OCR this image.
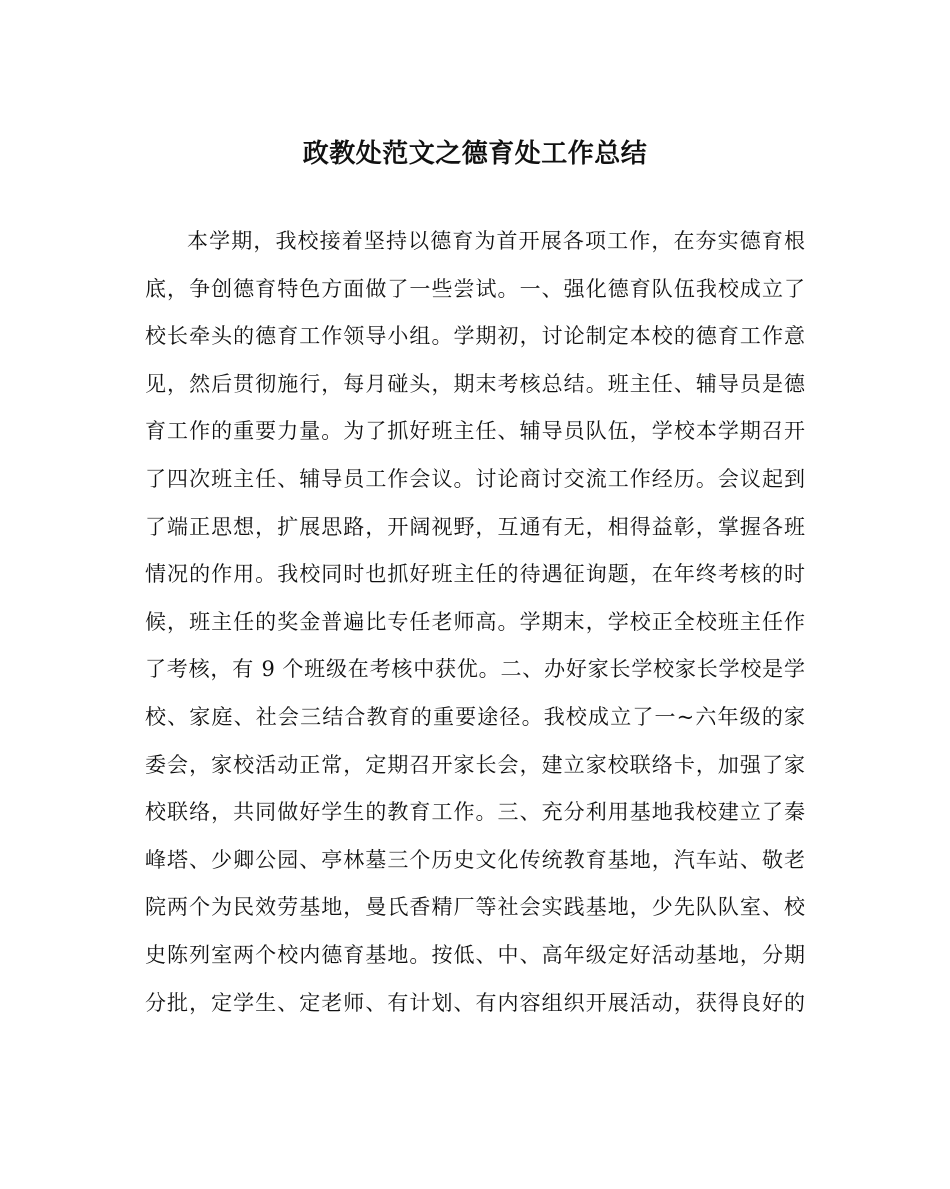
政教处范文之德育处工作总结
本学期，我校接着坚持以德育为首开展各项工作，在夯实德育根
底，争创德育特色方面做了一些尝试。一、强化德育队伍我校成立了
校长牵头的德育工作领导小组。学期初，讨论制定本校的德育工作意
见，然后贯彻施行，每月碰头，期末考核总结。班主任、辅导员是德
育工作的重要力量。为了抓好班主任、辅导员队伍，学校本学期召开
了四次班主任、辅导员工作会议。讨论商讨交流工作经历。会议起到
了端正思想，扩展思路，开阔视野，互通有无，相得益彰，掌握各班
情况的作用。我校同时也抓好班主任的待遇征询题，在年终考核的时
候，班主任的奖金普遍比专任老师高。学期末，学校正全校班主任作
了考核，有 9 个班级在考核中获优。二、办好家长学校家长学校是学
校、家庭、社会三结合教育的重要途径。我校成立了一~六年级的家
委会，家校活动正常，定期召开家长会，建立家校联络卡，加强了家
校联络，共同做好学生的教育工作。三、充分利用基地我校建立了秦
峰塔、少卿公园、亭林墓三个历史文化传统教育基地，汽车站、敬老
院两个为民效劳基地，曼氏香精厂等社会实践基地，少先队队室、校
史陈列室两个校内德育基地。按低、中、高年级定好活动基地，分期
分批，定学生、定老师、有计划、有内容组织开展活动，获得良好的
